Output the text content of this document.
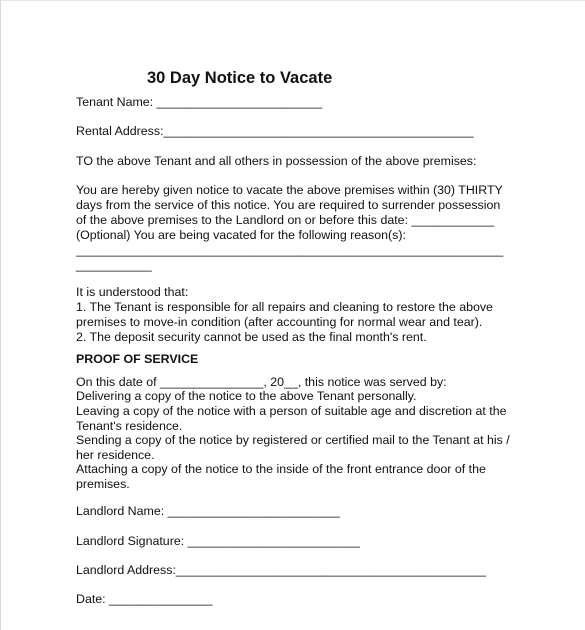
30 Day Notice to Vacate
Tenant Name: ________________________
Rental Address:_____________________________________________
TO the above Tenant and all others in possession of the above premises:
You are hereby given notice to vacate the above premises within (30) THIRTY
days from the service of this notice. You are required to surrender possession
of the above premises to the Landlord on or before this date: ____________
(Optional) You are being vacated for the following reason(s):
______________________________________________________________
___________
It is understood that:
1. The Tenant is responsible for all repairs and cleaning to restore the above
premises to move-in condition (after accounting for normal wear and tear).
2. The deposit security cannot be used as the final month's rent.
PROOF OF SERVICE
On this date of _______________, 20__, this notice was served by:
Delivering a copy of the notice to the above Tenant personally.
Leaving a copy of the notice with a person of suitable age and discretion at the
Tenant's residence.
Sending a copy of the notice by registered or certified mail to the Tenant at his /
her residence.
Attaching a copy of the notice to the inside of the front entrance door of the
premises.
Landlord Name: _________________________
Landlord Signature: _________________________
Landlord Address:_____________________________________________
Date: _______________
